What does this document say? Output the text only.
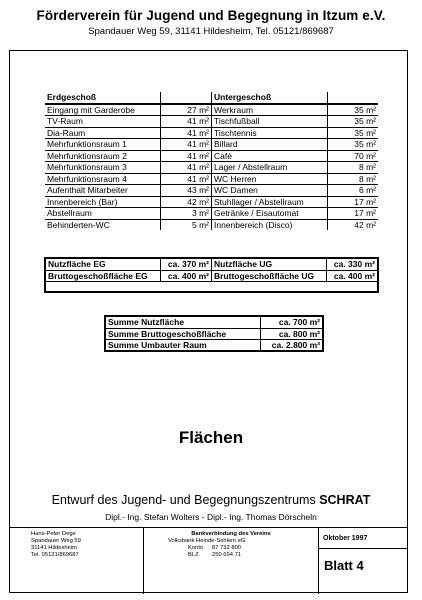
Förderverein für Jugend und Begegnung in Itzum e.V.
Spandauer Weg 59, 31141 Hildesheim, Tel. 05121/869687
Erdgeschoß		Untergeschoß	
Eingang mit Garderobe	27 m²	Werkraum	35 m²
TV-Raum	41 m²	Tischfußball	35 m²
Dia-Raum	41 m²	Tischtennis	35 m²
Mehrfunktionsraum 1	41 m²	Billard	35 m²
Mehrfunktionsraum 2	41 m²	Café	70 m²
Mehrfunktionsraum 3	41 m²	Lager / Abstellraum	8 m²
Mehrfunktionsraum 4	41 m²	WC Herren	8 m²
Aufenthalt Mitarbeiter	43 m²	WC Damen	6 m²
Innenbereich (Bar)	42 m²	Stuhllager / Abstellraum	17 m²
Abstellraum	3 m²	Getränke / Eisautomat	17 m²
Behinderten-WC	5 m²	Innenbereich (Disco)	42 m²
Nutzfläche EG	ca. 370 m²	Nutzfläche UG	ca. 330 m²
Bruttogeschoßfläche EG	ca. 400 m²	Bruttogeschoßfläche UG	ca. 400 m²
Summe Nutzfläche	ca. 700 m²
Summe Bruttogeschoßfläche	ca. 800 m²
Summe Umbauter Raum	ca. 2.800 m³
Flächen
Entwurf des Jugend- und Begegnungszentrums SCHRAT
Dipl.- Ing. Stefan Wolters - Dipl.- Ing. Thomas Dörscheln
Hans-Peter Dege
Spandauer Weg 59
31141 Hildesheim
Tel. 05121/869687
Bankverbindung des Vereins
Volksbank Heinde-Sehlem eG
Konto 87 732 800
BLZ 250 694 71
Oktober 1997
Blatt 4
